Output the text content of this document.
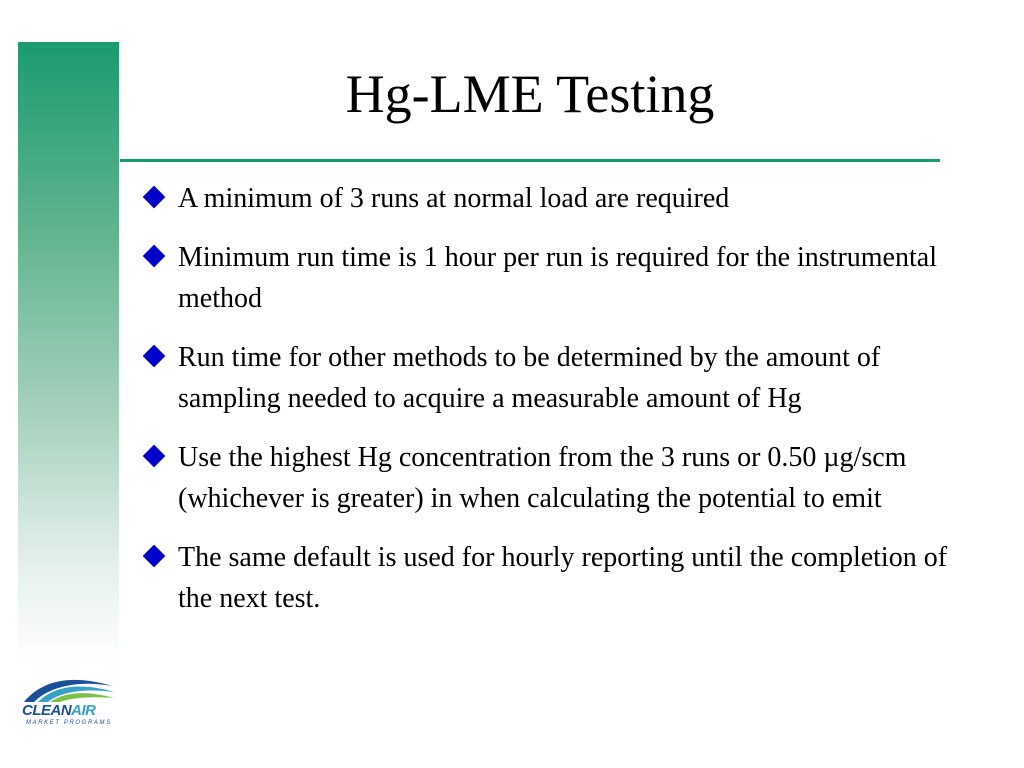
Hg-LME Testing
A minimum of 3 runs at normal load are required
Minimum run time is 1 hour per run is required for the instrumental method
Run time for other methods to be determined by the amount of sampling needed to acquire a measurable amount of Hg
Use the highest Hg concentration from the 3 runs or 0.50 µg/scm (whichever is greater) in when calculating the potential to emit
The same default is used for hourly reporting until the completion of the next test.
CLEANAIR
MARKET PROGRAMS
